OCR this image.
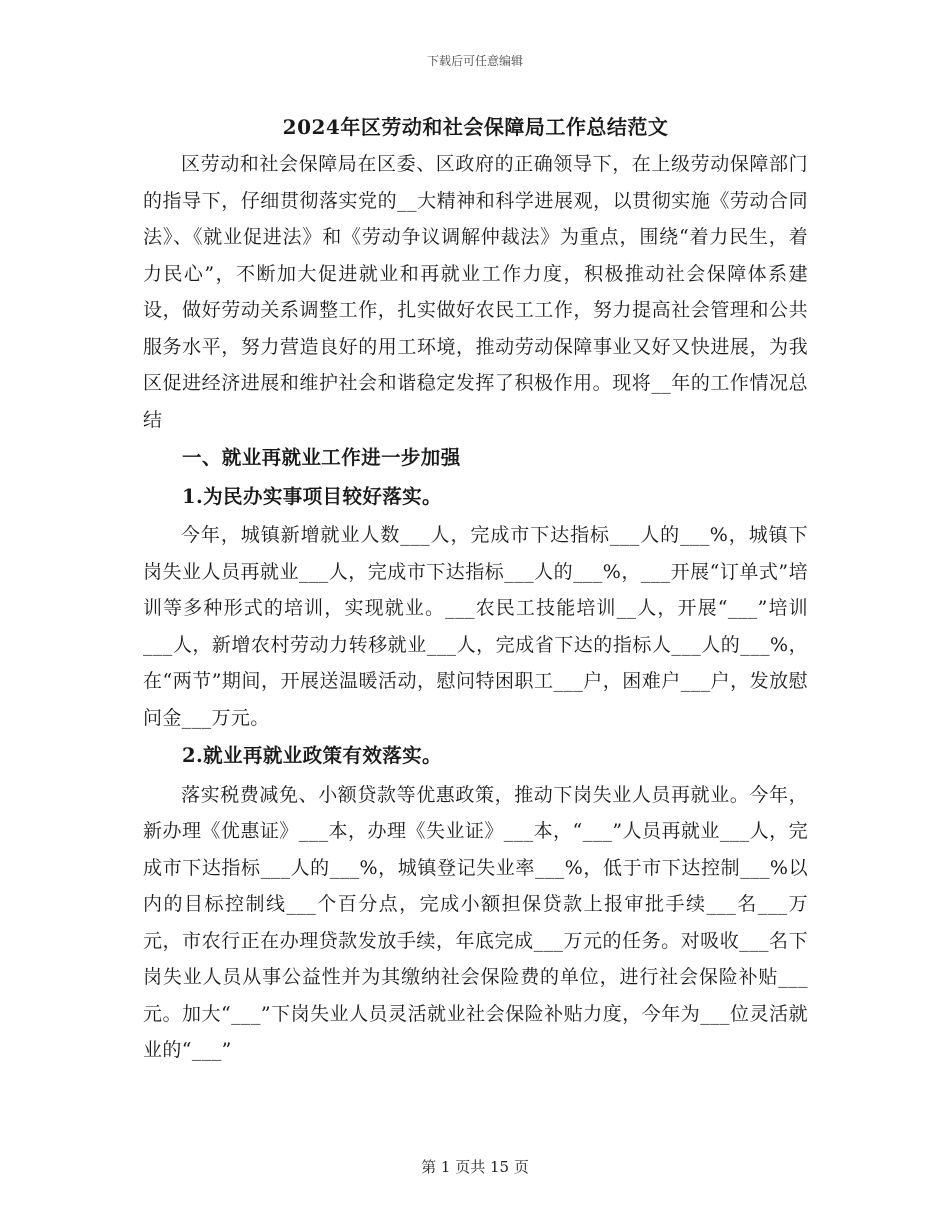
下载后可任意编辑
2024年区劳动和社会保障局工作总结范文

区劳动和社会保障局在区委、区政府的正确领导下，在上级劳动保障部门的指导下，仔细贯彻落实党的__大精神和科学进展观，以贯彻实施《劳动合同法》、《就业促进法》和《劳动争议调解仲裁法》为重点，围绕“着力民生，着力民心”，不断加大促进就业和再就业工作力度，积极推动社会保障体系建设，做好劳动关系调整工作，扎实做好农民工工作，努力提高社会管理和公共服务水平，努力营造良好的用工环境，推动劳动保障事业又好又快进展，为我区促进经济进展和维护社会和谐稳定发挥了积极作用。现将__年的工作情况总结

一、就业再就业工作进一步加强

1.为民办实事项目较好落实。

今年，城镇新增就业人数___人，完成市下达指标___人的___%，城镇下岗失业人员再就业___人，完成市下达指标___人的___%，___开展“订单式”培训等多种形式的培训，实现就业。___农民工技能培训__人，开展“___”培训___人，新增农村劳动力转移就业___人，完成省下达的指标人___人的___%，在“两节”期间，开展送温暖活动，慰问特困职工___户，困难户___户，发放慰问金___万元。

2.就业再就业政策有效落实。

落实税费减免、小额贷款等优惠政策，推动下岗失业人员再就业。今年，新办理《优惠证》___本，办理《失业证》___本，“___”人员再就业___人，完成市下达指标___人的___%，城镇登记失业率___%，低于市下达控制___%以内的目标控制线___个百分点，完成小额担保贷款上报审批手续___名___万元，市农行正在办理贷款发放手续，年底完成___万元的任务。对吸收___名下岗失业人员从事公益性并为其缴纳社会保险费的单位，进行社会保险补贴___元。加大“___”下岗失业人员灵活就业社会保险补贴力度，今年为___位灵活就业的“___”

第 1 页共 15 页
